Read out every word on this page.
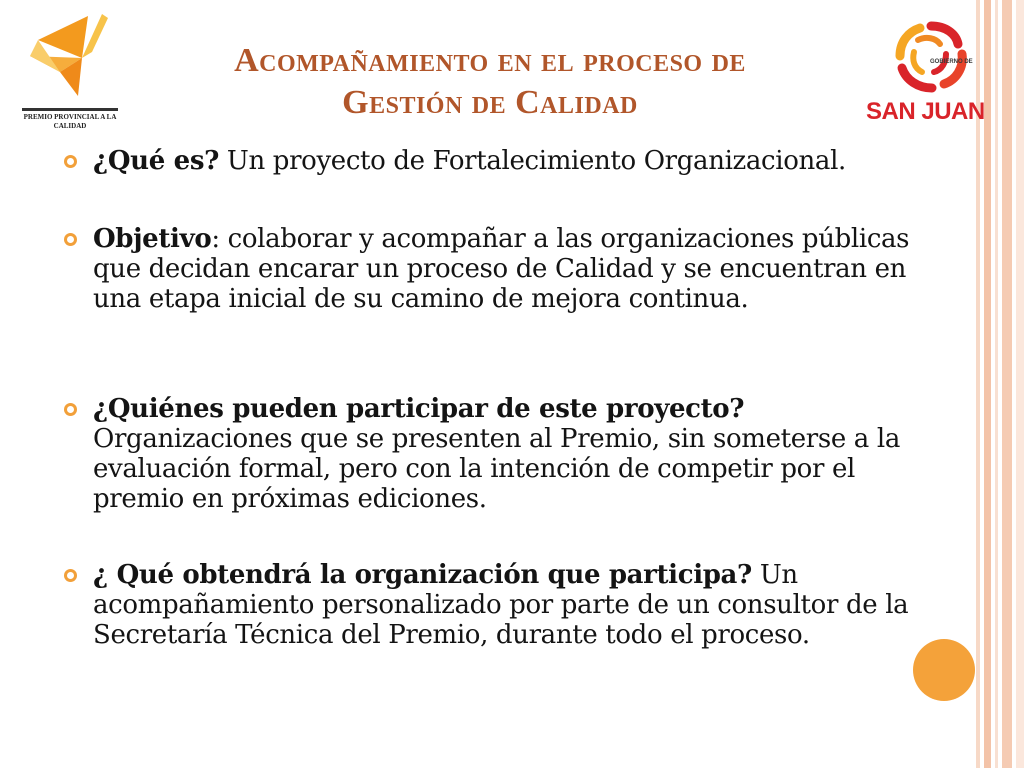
PREMIO PROVINCIAL A LA CALIDAD
GOBIERNO DE
SAN JUAN
Acompañamiento en el proceso de
Gestión de Calidad
¿Qué es? Un proyecto de Fortalecimiento Organizacional.
Objetivo: colaborar y acompañar a las organizaciones públicas que decidan encarar un proceso de Calidad y se encuentran en una etapa inicial de su camino de mejora continua.
¿Quiénes pueden participar de este proyecto? Organizaciones que se presenten al Premio, sin someterse a la evaluación formal, pero con la intención de competir por el premio en próximas ediciones.
¿ Qué obtendrá la organización que participa? Un acompañamiento personalizado por parte de un consultor de la Secretaría Técnica del Premio, durante todo el proceso.
